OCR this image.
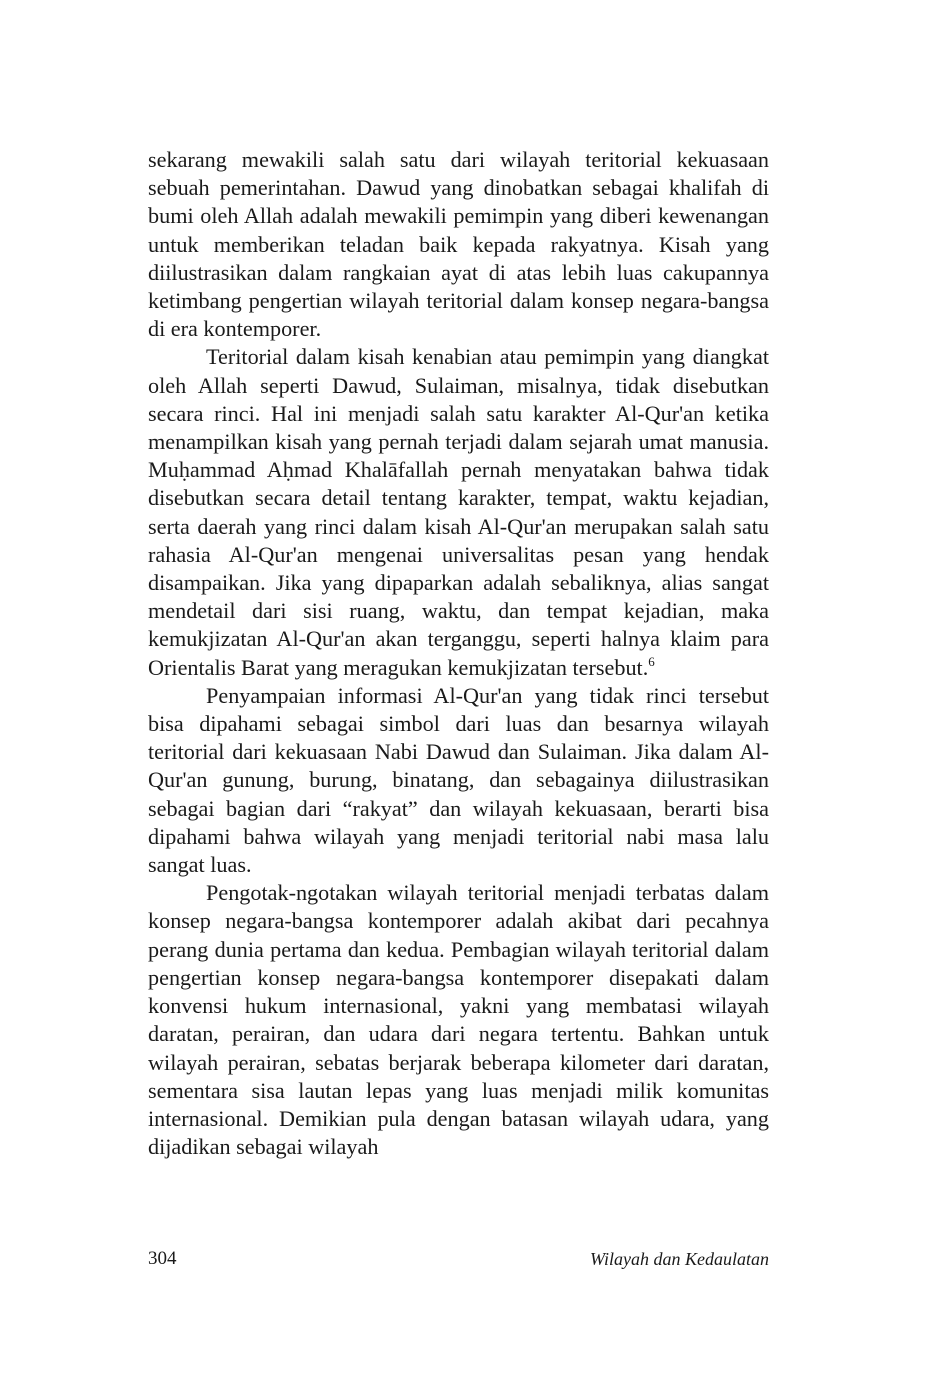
sekarang mewakili salah satu dari wilayah teritorial kekuasaan sebuah pemerintahan. Dawud yang dinobatkan sebagai khalifah di bumi oleh Allah adalah mewakili pemimpin yang diberi kewenangan untuk memberikan teladan baik kepada rakyatnya. Kisah yang diilustrasikan dalam rangkaian ayat di atas lebih luas cakupannya ketimbang pengertian wilayah teritorial dalam konsep negara-bangsa di era kontemporer.

Teritorial dalam kisah kenabian atau pemimpin yang diangkat oleh Allah seperti Dawud, Sulaiman, misalnya, tidak disebutkan secara rinci. Hal ini menjadi salah satu karakter Al-Qur'an ketika menampilkan kisah yang pernah terjadi dalam sejarah umat manusia. Muḥammad Aḥmad Khalāfallah pernah menyatakan bahwa tidak disebutkan secara detail tentang karakter, tempat, waktu kejadian, serta daerah yang rinci dalam kisah Al-Qur'an merupakan salah satu rahasia Al-Qur'an mengenai universalitas pesan yang hendak disampaikan. Jika yang dipaparkan adalah sebaliknya, alias sangat mendetail dari sisi ruang, waktu, dan tempat kejadian, maka kemukjizatan Al-Qur'an akan terganggu, seperti halnya klaim para Orientalis Barat yang meragukan kemukjizatan tersebut.$^6$

Penyampaian informasi Al-Qur'an yang tidak rinci tersebut bisa dipahami sebagai simbol dari luas dan besarnya wilayah teritorial dari kekuasaan Nabi Dawud dan Sulaiman. Jika dalam Al-Qur'an gunung, burung, binatang, dan sebagainya diilustrasikan sebagai bagian dari “rakyat” dan wilayah kekuasaan, berarti bisa dipahami bahwa wilayah yang menjadi teritorial nabi masa lalu sangat luas.

Pengotak-ngotakan wilayah teritorial menjadi terbatas dalam konsep negara-bangsa kontemporer adalah akibat dari pecahnya perang dunia pertama dan kedua. Pembagian wilayah teritorial dalam pengertian konsep negara-bangsa kontemporer disepakati dalam konvensi hukum internasional, yakni yang membatasi wilayah daratan, perairan, dan udara dari negara tertentu. Bahkan untuk wilayah perairan, sebatas berjarak beberapa kilometer dari daratan, sementara sisa lautan lepas yang luas menjadi milik komunitas internasional. Demikian pula dengan batasan wilayah udara, yang dijadikan sebagai wilayah

304	Wilayah dan Kedaulatan
